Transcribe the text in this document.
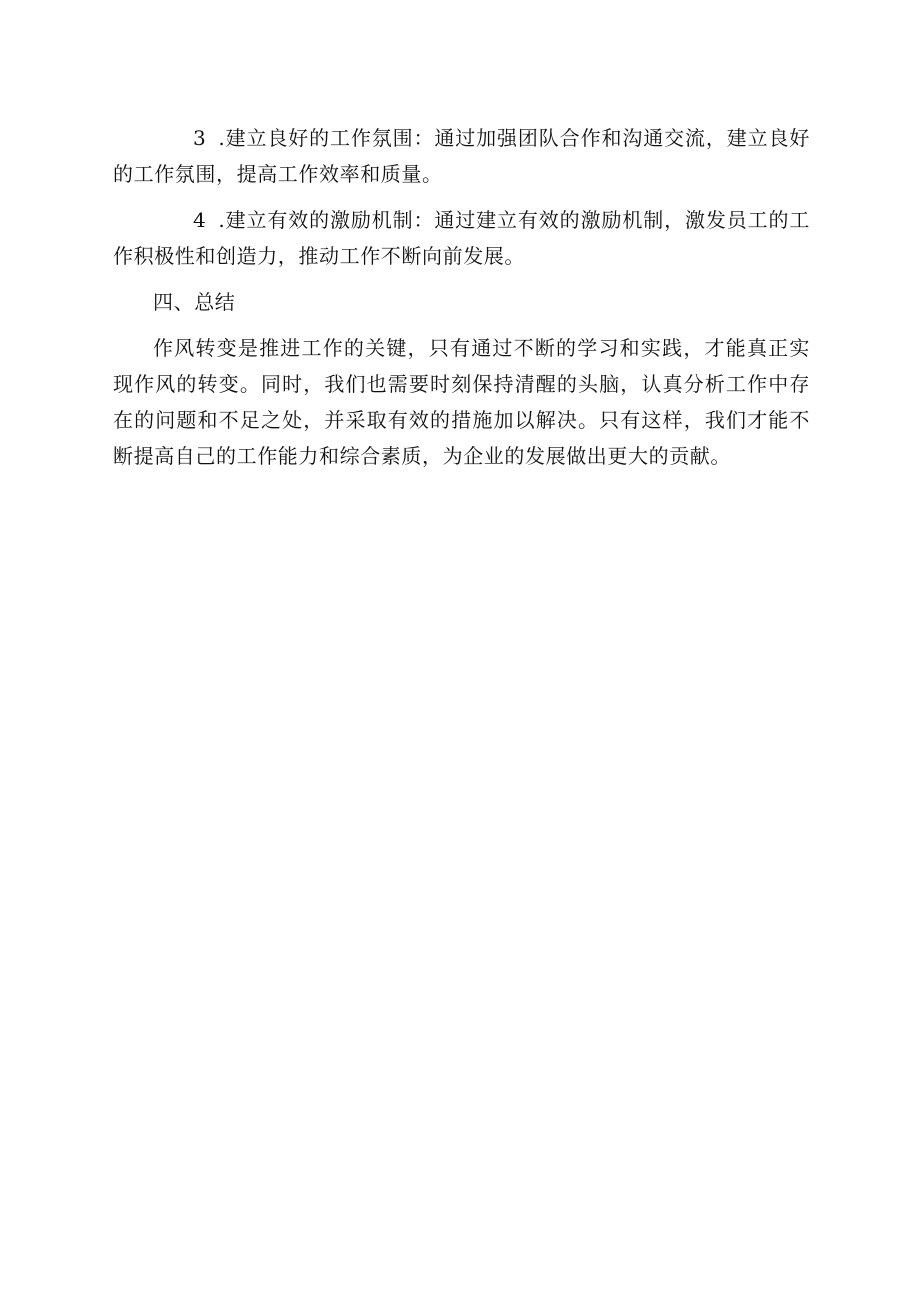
3 .建立良好的工作氛围：通过加强团队合作和沟通交流，建立良好的工作氛围，提高工作效率和质量。

4 .建立有效的激励机制：通过建立有效的激励机制，激发员工的工作积极性和创造力，推动工作不断向前发展。

四、总结

作风转变是推进工作的关键，只有通过不断的学习和实践，才能真正实现作风的转变。同时，我们也需要时刻保持清醒的头脑，认真分析工作中存在的问题和不足之处，并采取有效的措施加以解决。只有这样，我们才能不断提高自己的工作能力和综合素质，为企业的发展做出更大的贡献。
